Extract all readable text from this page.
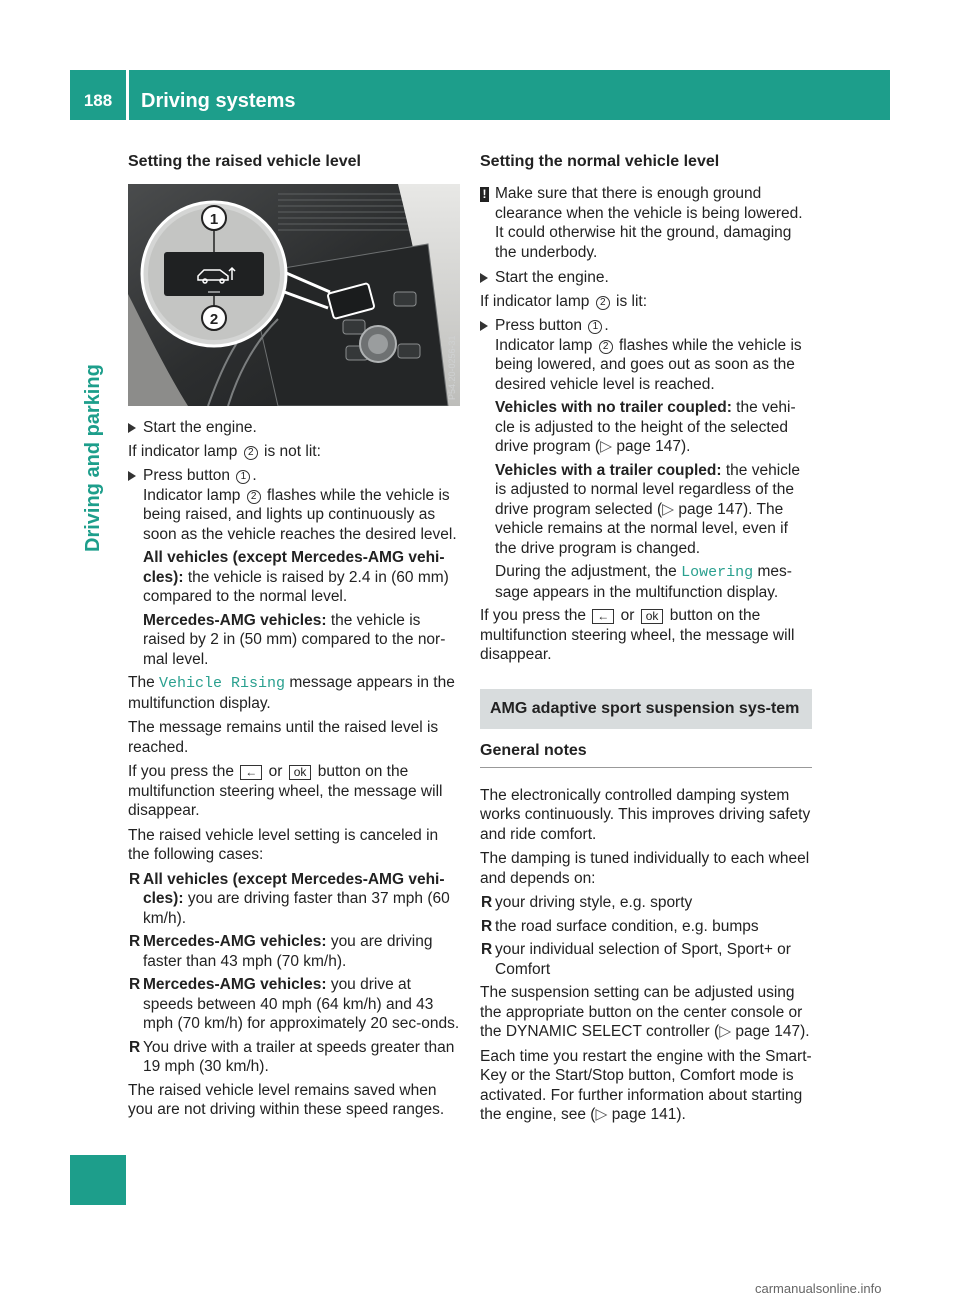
188	Driving systems
Driving and parking
Setting the raised vehicle level
1
2
P54.20-0256-31
Start the engine.

If indicator lamp 2 is not lit:

Press button 1 .
Indicator lamp 2 flashes while the vehicle is being raised, and lights up continuously as soon as the vehicle reaches the desired level.
All vehicles (except Mercedes-AMG vehi-cles): the vehicle is raised by 2.4 in (60 mm) compared to the normal level.
Mercedes-AMG vehicles: the vehicle is raised by 2 in (50 mm) compared to the nor-mal level.

The Vehicle Rising message appears in the multifunction display.

The message remains until the raised level is reached.

If you press the ← or ok button on the multifunction steering wheel, the message will disappear.

The raised vehicle level setting is canceled in the following cases:

R All vehicles (except Mercedes-AMG vehi-cles): you are driving faster than 37 mph (60 km/h).
R Mercedes-AMG vehicles: you are driving faster than 43 mph (70 km/h).
R Mercedes-AMG vehicles: you drive at speeds between 40 mph (64 km/h) and 43 mph (70 km/h) for approximately 20 sec-onds.
R You drive with a trailer at speeds greater than 19 mph (30 km/h).

The raised vehicle level remains saved when you are not driving within these speed ranges.

Setting the normal vehicle level
! Make sure that there is enough ground clearance when the vehicle is being lowered. It could otherwise hit the ground, damaging the underbody.
Start the engine.

If indicator lamp 2 is lit:

Press button 1 .
Indicator lamp 2 flashes while the vehicle is being lowered, and goes out as soon as the desired vehicle level is reached.
Vehicles with no trailer coupled: the vehi-cle is adjusted to the height of the selected drive program (▷ page 147).
Vehicles with a trailer coupled: the vehicle is adjusted to normal level regardless of the drive program selected (▷ page 147). The vehicle remains at the normal level, even if the drive program is changed.
During the adjustment, the Lowering mes-sage appears in the multifunction display.

If you press the ← or ok button on the multifunction steering wheel, the message will disappear.

AMG adaptive sport suspension sys-tem
General notes

The electronically controlled damping system works continuously. This improves driving safety and ride comfort.

The damping is tuned individually to each wheel and depends on:

R your driving style, e.g. sporty
R the road surface condition, e.g. bumps
R your individual selection of Sport, Sport+ or Comfort

The suspension setting can be adjusted using the appropriate button on the center console or the DYNAMIC SELECT controller (▷ page 147).

Each time you restart the engine with the Smart-Key or the Start/Stop button, Comfort mode is activated. For further information about starting the engine, see (▷ page 141).

carmanualsonline.info
